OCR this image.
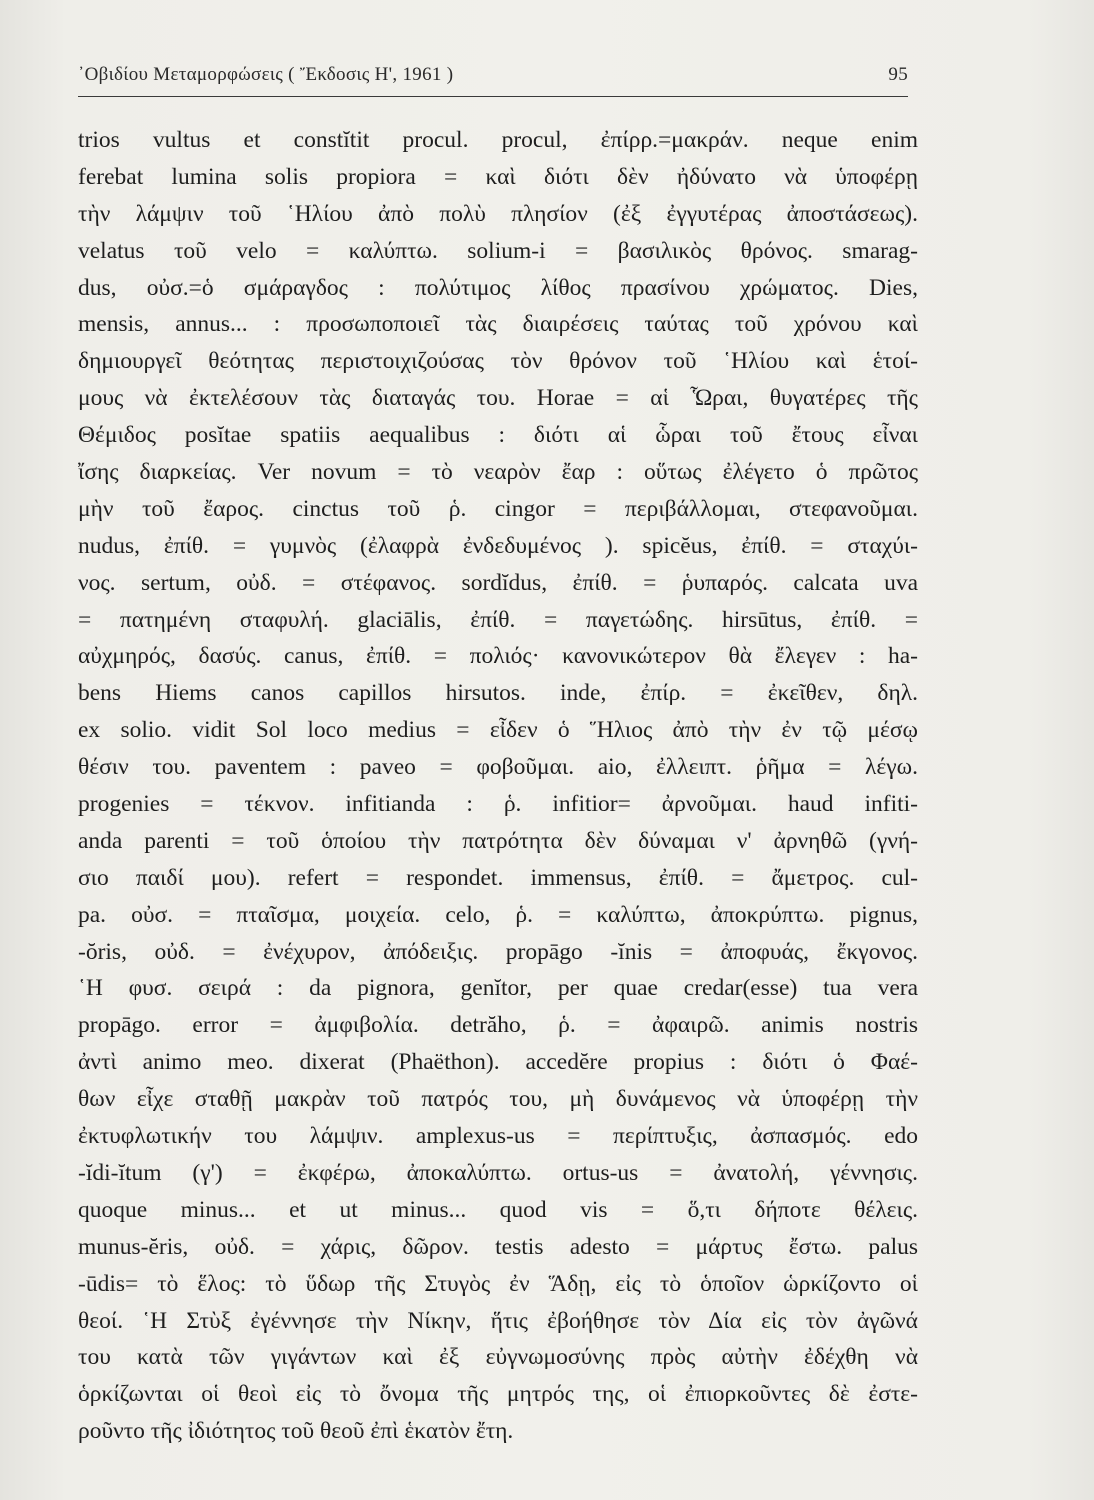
᾽Οβιδίου Μεταμορφώσεις ( Ἔκδοσις Η', 1961 )	95
trios vultus et constĭtit procul. procul, ἐπίρρ.=μακράν. neque enim
ferebat lumina solis propiora = καὶ διότι δὲν ἠδύνατο νὰ ὑποφέρῃ
τὴν λάμψιν τοῦ ῾Ηλίου ἀπὸ πολὺ πλησίον (ἐξ ἐγγυτέρας ἀποστάσεως).
velatus τοῦ velo = καλύπτω. solium-i = βασιλικὸς θρόνος. smarag-
dus, οὐσ.=ὁ σμάραγδος : πολύτιμος λίθος πρασίνου χρώματος. Dies,
mensis, annus... : προσωποποιεῖ τὰς διαιρέσεις ταύτας τοῦ χρόνου καὶ
δημιουργεῖ θεότητας περιστοιχιζούσας τὸν θρόνον τοῦ ῾Ηλίου καὶ ἑτοί-
μους νὰ ἐκτελέσουν τὰς διαταγάς του. Horae = αἱ Ὧραι, θυγατέρες τῆς
Θέμιδος posĭtae spatiis aequalibus : διότι αἱ ὧραι τοῦ ἔτους εἶναι
ἴσης διαρκείας. Ver novum = τὸ νεαρὸν ἔαρ : οὕτως ἐλέγετο ὁ πρῶτος
μὴν τοῦ ἔαρος. cinctus τοῦ ῥ. cingor = περιβάλλομαι, στεφανοῦμαι.
nudus, ἐπίθ. = γυμνὸς (ἐλαφρὰ ἐνδεδυμένος ). spicĕus, ἐπίθ. = σταχύι-
νος. sertum, οὐδ. = στέφανος. sordĭdus, ἐπίθ. = ῥυπαρός. calcata uva
= πατημένη σταφυλή. glaciālis, ἐπίθ. = παγετώδης. hirsūtus, ἐπίθ. =
αὐχμηρός, δασύς. canus, ἐπίθ. = πολιός· κανονικώτερον θὰ ἔλεγεν : ha-
bens Hiems canos capillos hirsutos. inde, ἐπίρ. = ἐκεῖθεν, δηλ.
ex solio. vidit Sol loco medius = εἶδεν ὁ Ἥλιος ἀπὸ τὴν ἐν τῷ μέσῳ
θέσιν του. paventem : paveo = φοβοῦμαι. aio, ἐλλειπτ. ῥῆμα = λέγω.
progenies = τέκνον. infitianda : ῥ. infitior= ἀρνοῦμαι. haud infiti-
anda parenti = τοῦ ὁποίου τὴν πατρότητα δὲν δύναμαι ν' ἀρνηθῶ (γνή-
σιο παιδί μου). refert = respondet. immensus, ἐπίθ. = ἄμετρος. cul-
pa. οὐσ. = πταῖσμα, μοιχεία. celo, ῥ. = καλύπτω, ἀποκρύπτω. pignus,
-ŏris, οὐδ. = ἐνέχυρον, ἀπόδειξις. propāgo -ĭnis = ἀποφυάς, ἔκγονος.
῾Η φυσ. σειρά : da pignora, genĭtor, per quae credar(esse) tua vera
propāgo. error = ἀμφιβολία. detrăho, ῥ. = ἀφαιρῶ. animis nostris
ἀντὶ animo meo. dixerat (Phaëthon). accedĕre propius : διότι ὁ Φαέ-
θων εἶχε σταθῇ μακρὰν τοῦ πατρός του, μὴ δυνάμενος νὰ ὑποφέρῃ τὴν
ἐκτυφλωτικήν του λάμψιν. amplexus-us = περίπτυξις, ἀσπασμός. edo
-ĭdi-ĭtum (γ') = ἐκφέρω, ἀποκαλύπτω. ortus-us = ἀνατολή, γέννησις.
quoque minus... et ut minus... quod vis = ὅ,τι δήποτε θέλεις.
munus-ĕris, οὐδ. = χάρις, δῶρον. testis adesto = μάρτυς ἔστω. palus
-ūdis= τὸ ἕλος: τὸ ὕδωρ τῆς Στυγὸς ἐν Ἅδῃ, εἰς τὸ ὁποῖον ὡρκίζοντο οἱ
θεοί. ῾Η Στὺξ ἐγέννησε τὴν Νίκην, ἥτις ἐβοήθησε τὸν Δία εἰς τὸν ἀγῶνά
του κατὰ τῶν γιγάντων καὶ ἐξ εὐγνωμοσύνης πρὸς αὐτὴν ἐδέχθη νὰ
ὁρκίζωνται οἱ θεοὶ εἰς τὸ ὄνομα τῆς μητρός της, οἱ ἐπιορκοῦντες δὲ ἐστε-
ροῦντο τῆς ἰδιότητος τοῦ θεοῦ ἐπὶ ἑκατὸν ἔτη.
